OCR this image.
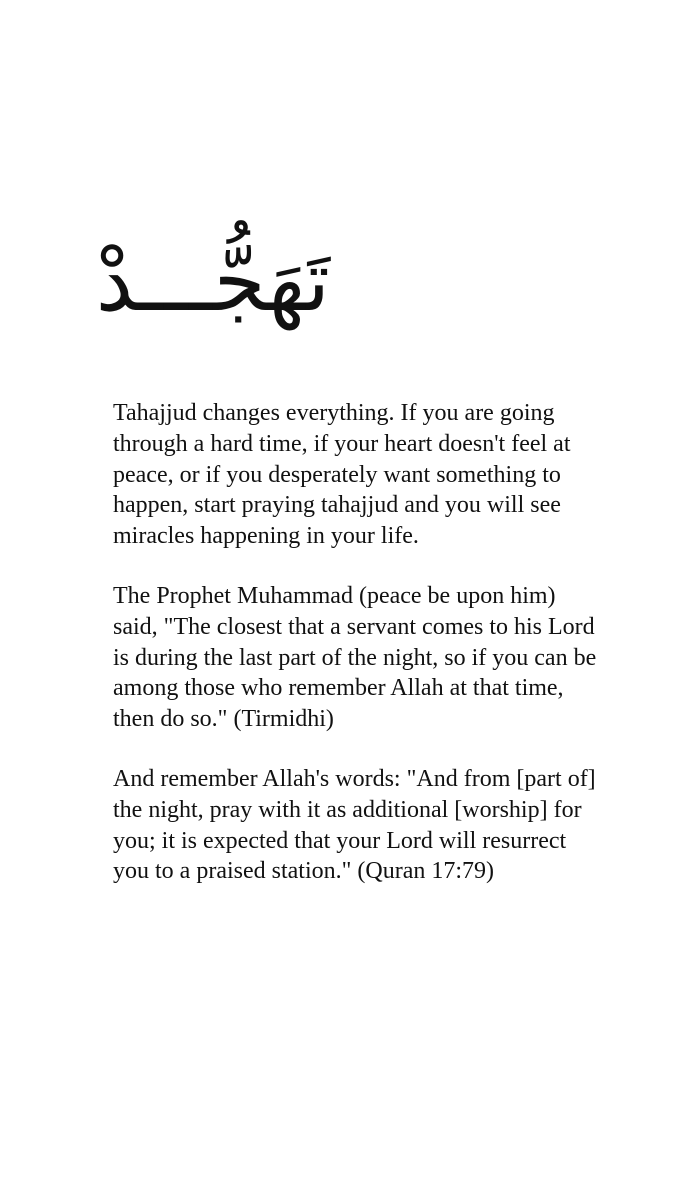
تَهَجُّـــدْ

Tahajjud changes everything. If you are going through a hard time, if your heart doesn't feel at peace, or if you desperately want something to happen, start praying tahajjud and you will see miracles happening in your life.

The Prophet Muhammad (peace be upon him) said, "The closest that a servant comes to his Lord is during the last part of the night, so if you can be among those who remember Allah at that time, then do so." (Tirmidhi)

And remember Allah's words: "And from [part of] the night, pray with it as additional [worship] for you; it is expected that your Lord will resurrect you to a praised station." (Quran 17:79)
